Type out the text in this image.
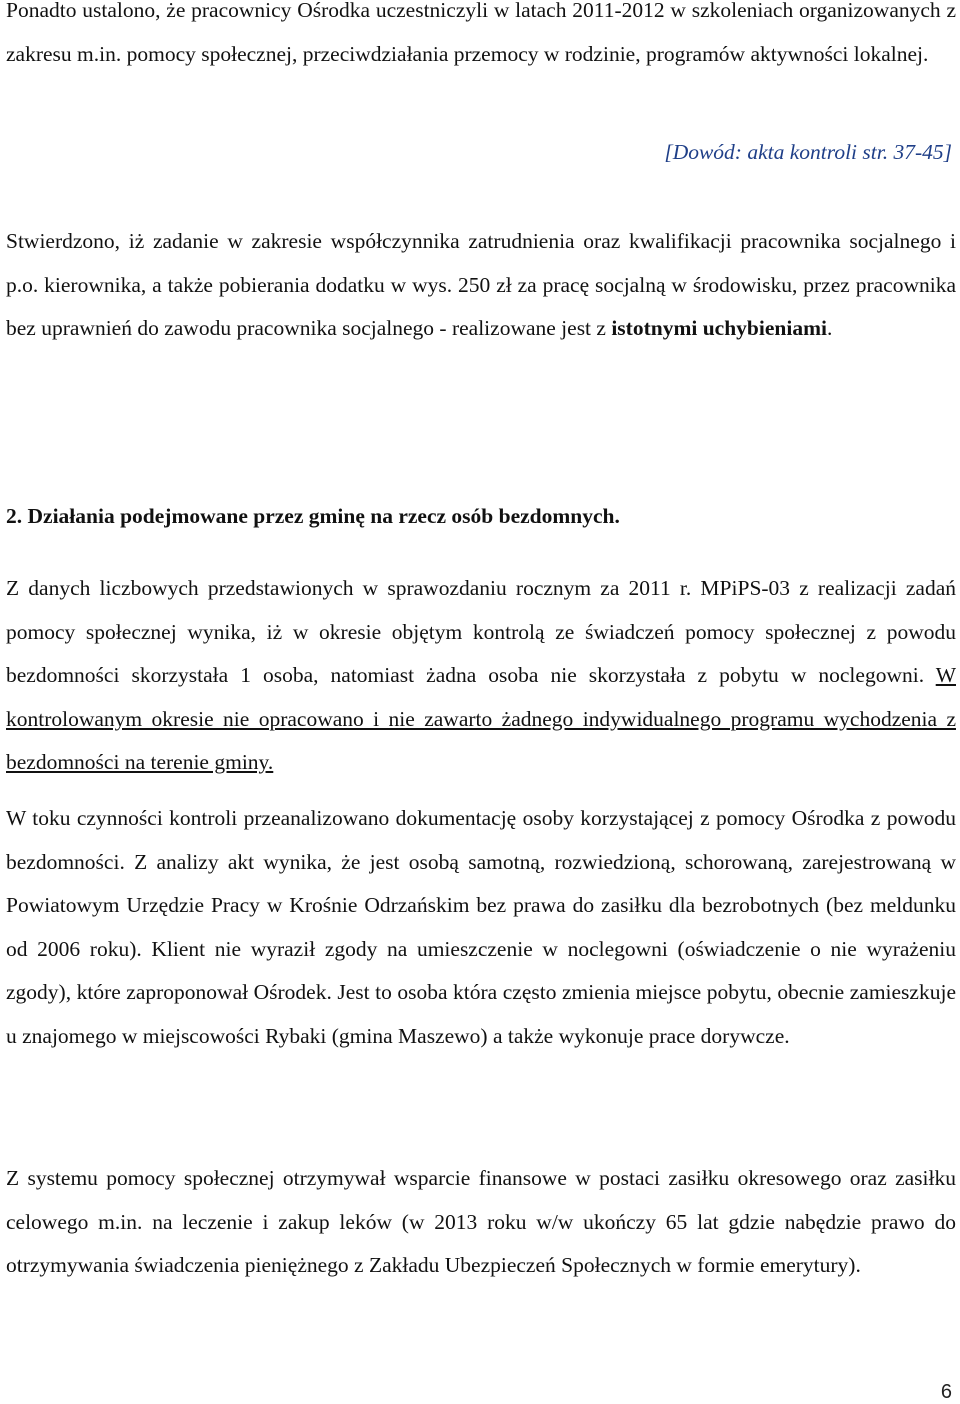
Ponadto ustalono, że pracownicy Ośrodka uczestniczyli w latach 2011-2012 w szkoleniach organizowanych z zakresu m.in. pomocy społecznej, przeciwdziałania przemocy w rodzinie, programów aktywności lokalnej.

[Dowód: akta kontroli str. 37-45]

Stwierdzono, iż zadanie w zakresie współczynnika zatrudnienia oraz kwalifikacji pracownika socjalnego i p.o. kierownika, a także pobierania dodatku w wys. 250 zł za pracę socjalną w środowisku, przez pracownika bez uprawnień do zawodu pracownika socjalnego - realizowane jest z istotnymi uchybieniami.

2. Działania podejmowane przez gminę na rzecz osób bezdomnych.

Z danych liczbowych przedstawionych w sprawozdaniu rocznym za 2011 r. MPiPS-03 z realizacji zadań pomocy społecznej wynika, iż w okresie objętym kontrolą ze świadczeń pomocy społecznej z powodu bezdomności skorzystała 1 osoba, natomiast żadna osoba nie skorzystała z pobytu w noclegowni. W kontrolowanym okresie nie opracowano i nie zawarto żadnego indywidualnego programu wychodzenia z bezdomności na terenie gminy.

W toku czynności kontroli przeanalizowano dokumentację osoby korzystającej z pomocy Ośrodka z powodu bezdomności. Z analizy akt wynika, że jest osobą samotną, rozwiedzioną, schorowaną, zarejestrowaną w Powiatowym Urzędzie Pracy w Krośnie Odrzańskim bez prawa do zasiłku dla bezrobotnych (bez meldunku od 2006 roku). Klient nie wyraził zgody na umieszczenie w noclegowni (oświadczenie o nie wyrażeniu zgody), które zaproponował Ośrodek. Jest to osoba która często zmienia miejsce pobytu, obecnie zamieszkuje u znajomego w miejscowości Rybaki (gmina Maszewo) a także wykonuje prace dorywcze.

Z systemu pomocy społecznej otrzymywał wsparcie finansowe w postaci zasiłku okresowego oraz zasiłku celowego m.in. na leczenie i zakup leków (w 2013 roku w/w ukończy 65 lat gdzie nabędzie prawo do otrzymywania świadczenia pieniężnego z Zakładu Ubezpieczeń Społecznych w formie emerytury).

6
